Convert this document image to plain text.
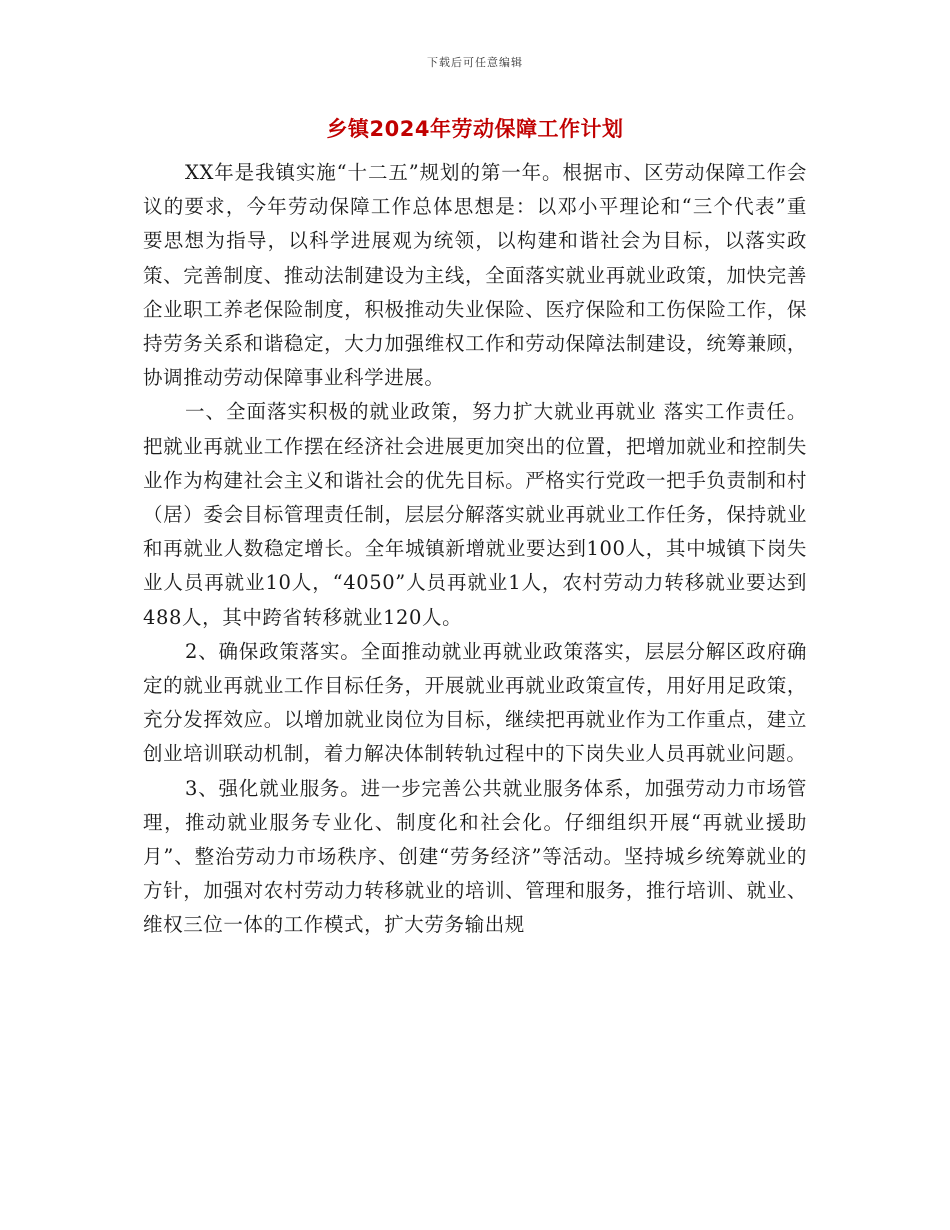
下载后可任意编辑
乡镇2024年劳动保障工作计划

XX年是我镇实施“十二五”规划的第一年。根据市、区劳动保障工作会议的要求，今年劳动保障工作总体思想是：以邓小平理论和“三个代表”重要思想为指导，以科学进展观为统领，以构建和谐社会为目标，以落实政策、完善制度、推动法制建设为主线，全面落实就业再就业政策，加快完善企业职工养老保险制度，积极推动失业保险、医疗保险和工伤保险工作，保持劳务关系和谐稳定，大力加强维权工作和劳动保障法制建设，统筹兼顾，协调推动劳动保障事业科学进展。

一、全面落实积极的就业政策，努力扩大就业再就业 落实工作责任。把就业再就业工作摆在经济社会进展更加突出的位置，把增加就业和控制失业作为构建社会主义和谐社会的优先目标。严格实行党政一把手负责制和村（居）委会目标管理责任制，层层分解落实就业再就业工作任务，保持就业和再就业人数稳定增长。全年城镇新增就业要达到100人，其中城镇下岗失业人员再就业10人，“4050”人员再就业1人，农村劳动力转移就业要达到488人，其中跨省转移就业120人。

2、确保政策落实。全面推动就业再就业政策落实，层层分解区政府确定的就业再就业工作目标任务，开展就业再就业政策宣传，用好用足政策，充分发挥效应。以增加就业岗位为目标，继续把再就业作为工作重点，建立创业培训联动机制，着力解决体制转轨过程中的下岗失业人员再就业问题。

3、强化就业服务。进一步完善公共就业服务体系，加强劳动力市场管理，推动就业服务专业化、制度化和社会化。仔细组织开展“再就业援助月”、整治劳动力市场秩序、创建“劳务经济”等活动。坚持城乡统筹就业的方针，加强对农村劳动力转移就业的培训、管理和服务，推行培训、就业、维权三位一体的工作模式，扩大劳务输出规
